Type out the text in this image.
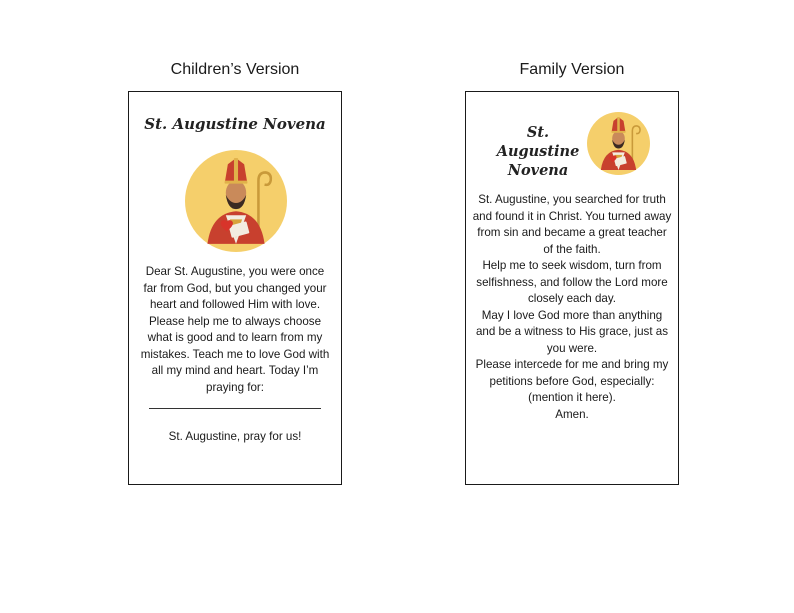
Children’s Version	Family Version
St. Augustine Novena
Dear St. Augustine, you were once far from God, but you changed your heart and followed Him with love. Please help me to always choose what is good and to learn from my mistakes. Teach me to love God with all my mind and heart. Today I’m praying for:
St. Augustine, pray for us!
St. Augustine Novena
St. Augustine, you searched for truth and found it in Christ. You turned away from sin and became a great teacher of the faith.
Help me to seek wisdom, turn from selfishness, and follow the Lord more closely each day.
May I love God more than anything and be a witness to His grace, just as you were.
Please intercede for me and bring my petitions before God, especially: (mention it here).
Amen.
